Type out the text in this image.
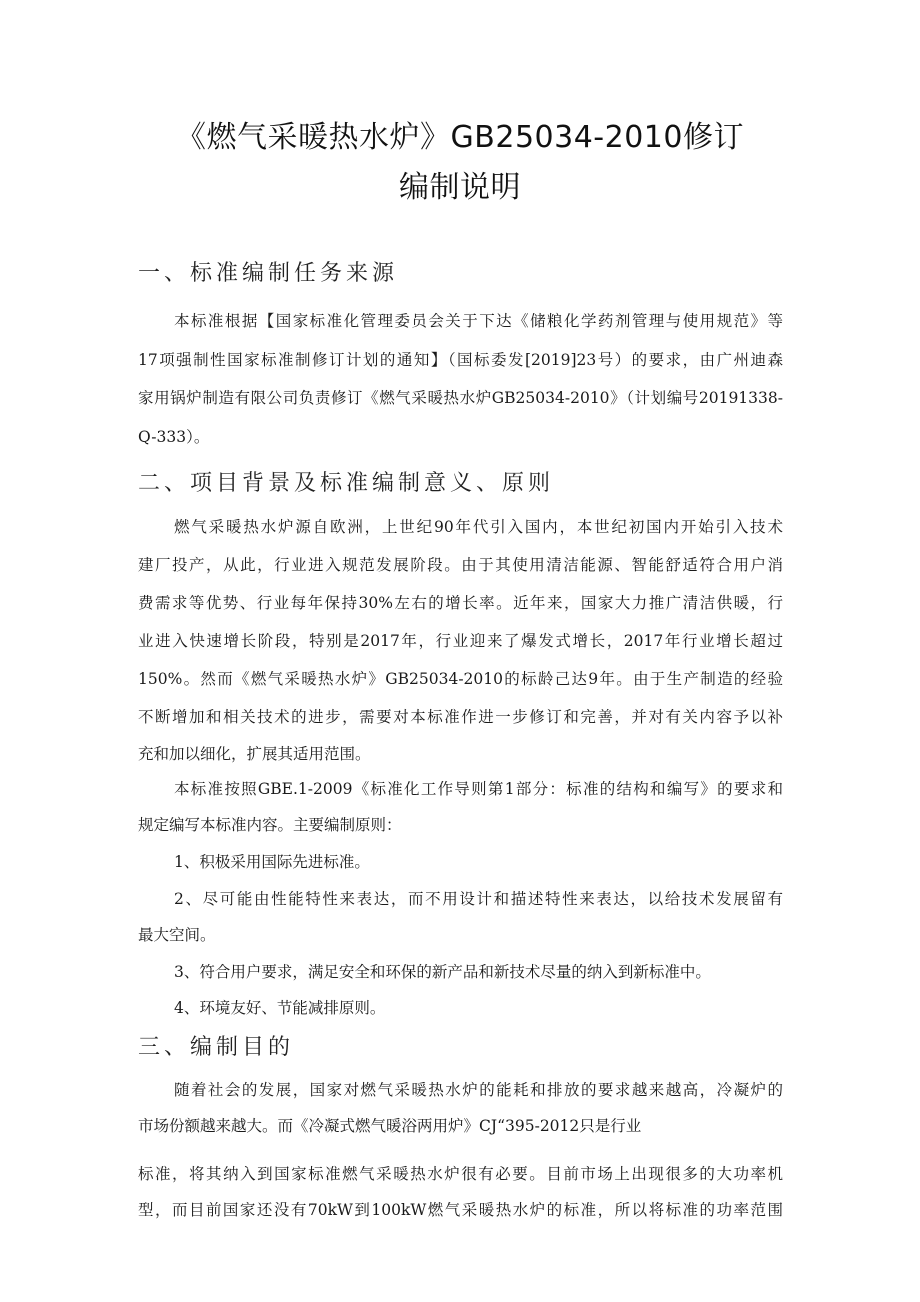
《燃气采暖热水炉》GB25034-2010修订
编制说明
一、标准编制任务来源
本标准根据【国家标准化管理委员会关于下达《储粮化学药剂管理与使用规范》等
17项强制性国家标准制修订计划的通知】（国标委发[2019]23号）的要求，由广州迪森
家用锅炉制造有限公司负责修订《燃气采暖热水炉GB25034-2010》（计划编号20191338-
Q-333）。
二、项目背景及标准编制意义、原则
燃气采暖热水炉源自欧洲，上世纪90年代引入国内，本世纪初国内开始引入技术
建厂投产，从此，行业进入规范发展阶段。由于其使用清洁能源、智能舒适符合用户消
费需求等优势、行业每年保持30%左右的增长率。近年来，国家大力推广清洁供暖，行
业进入快速增长阶段，特别是2017年，行业迎来了爆发式增长，2017年行业增长超过
150%。然而《燃气采暖热水炉》GB25034-2010的标龄己达9年。由于生产制造的经验
不断增加和相关技术的进步，需要对本标准作进一步修订和完善，并对有关内容予以补
充和加以细化，扩展其适用范围。
本标准按照GBE.1-2009《标准化工作导则第1部分：标准的结构和编写》的要求和
规定编写本标准内容。主要编制原则：
1、积极采用国际先进标准。
2、尽可能由性能特性来表达，而不用设计和描述特性来表达，以给技术发展留有
最大空间。
3、符合用户要求，满足安全和环保的新产品和新技术尽量的纳入到新标准中。
4、环境友好、节能减排原则。
三、编制目的
随着社会的发展，国家对燃气采暖热水炉的能耗和排放的要求越来越高，冷凝炉的
市场份额越来越大。而《冷凝式燃气暖浴两用炉》CJ“395-2012只是行业
标准，将其纳入到国家标准燃气采暖热水炉很有必要。目前市场上出现很多的大功率机
型，而目前国家还没有70kW到100kW燃气采暖热水炉的标准，所以将标准的功率范围
